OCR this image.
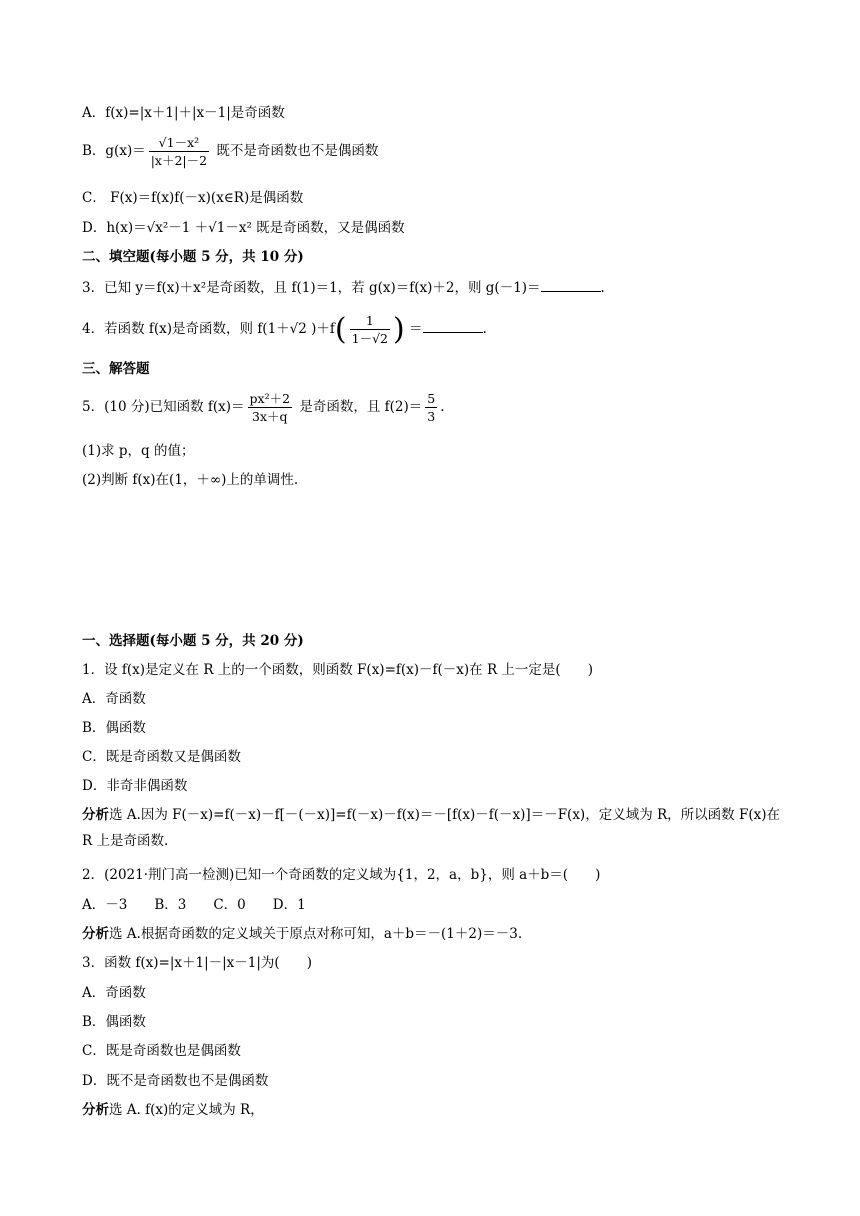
A．f(x)=|x＋1|＋|x－1|是奇函数
B．$g(x)= \frac{\text{√1－x²}}{|x+2|-2}$ 既不是奇函数也不是偶函数
C． F(x)＝f(x)f(－x)(x∈R)是偶函数
D．h(x)＝√x²－1 ＋√1－x² 既是奇函数，又是偶函数
二、填空题(每小题 5 分，共 10 分)
3．已知 y＝f(x)＋x²是奇函数，且 f(1)＝1，若 g(x)＝f(x)＋2，则 g(－1)＝	.
4．若函数 f(x)是奇函数，则 f(1＋√2 )$+f( \frac{1}{1-√2}$ ) ＝	.
三、解答题
5．(10 分)已知函数 $f(x)= \frac{\text{px²＋2}}{3x+q}$ 是奇函数，且 $f(2)= \frac{5}{3}$ .
(1)求 p，q 的值；
(2)判断 f(x)在(1，＋∞)上的单调性.
一、选择题(每小题 5 分，共 20 分)
1．设 f(x)是定义在 R 上的一个函数，则函数 F(x)=f(x)－f(－x)在 R 上一定是(　　)
A．奇函数
B．偶函数
C．既是奇函数又是偶函数
D．非奇非偶函数
分析选 A.因为 F(－x)=f(－x)－f[－(－x)]=f(－x)－f(x)＝－[f(x)－f(－x)]＝－F(x)，定义域为 R，所以函数 F(x)在 R 上是奇函数.
2．(2021·荆门高一检测)已知一个奇函数的定义域为{1，2，a，b}，则 a＋b＝(　　)
A．－3　　B．3　　C．0　　D．1
分析选 A.根据奇函数的定义域关于原点对称可知，a＋b＝－(1＋2)＝－3.
3．函数 f(x)=|x＋1|－|x－1|为(　　)
A．奇函数
B．偶函数
C．既是奇函数也是偶函数
D．既不是奇函数也不是偶函数
分析选 A. f(x)的定义域为 R，
